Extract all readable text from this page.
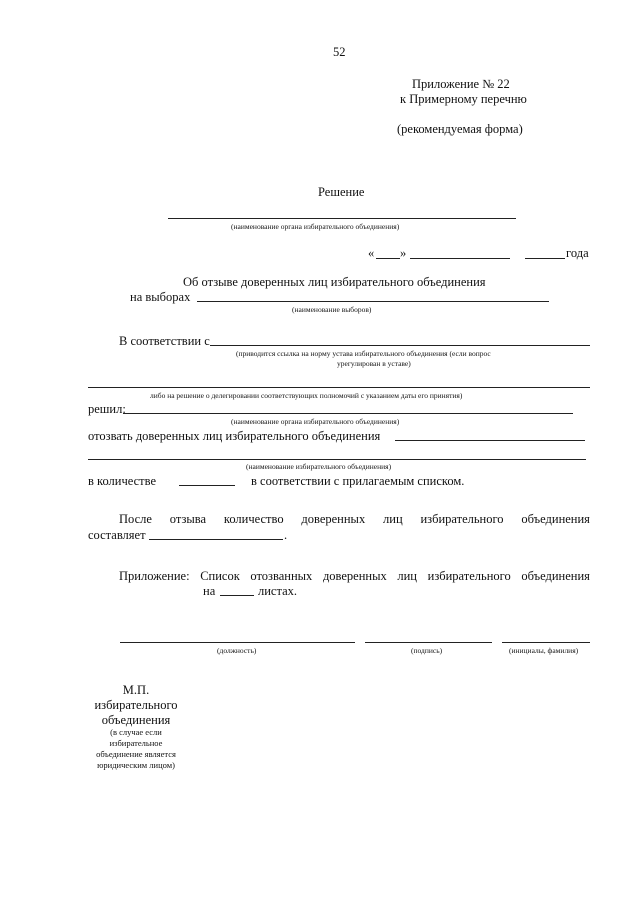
52
Приложение № 22
к Примерному перечню
(рекомендуемая форма)
Решение
(наименование органа избирательного объединения)
« »	года
Об отзыве доверенных лиц избирательного объединения
на выборах
(наименование выборов)
В соответствии с
(приводится ссылка на норму устава избирательного объединения (если вопрос
урегулирован в уставе)
либо на решение о делегировании соответствующих полномочий с указанием даты его принятия)
решил:
(наименование органа избирательного объединения)
отозвать доверенных лиц избирательного объединения
(наименование избирательного объединения)
в количестве	в соответствии с прилагаемым списком.
После отзыва количество доверенных лиц избирательного объединения
составляет	.
Приложение: Список отозванных доверенных лиц избирательного объединения
на	листах.
(должность)	(подпись)	(инициалы, фамилия)
М.П.
избирательного
объединения
(в случае если
избирательное
объединение является
юридическим лицом)
